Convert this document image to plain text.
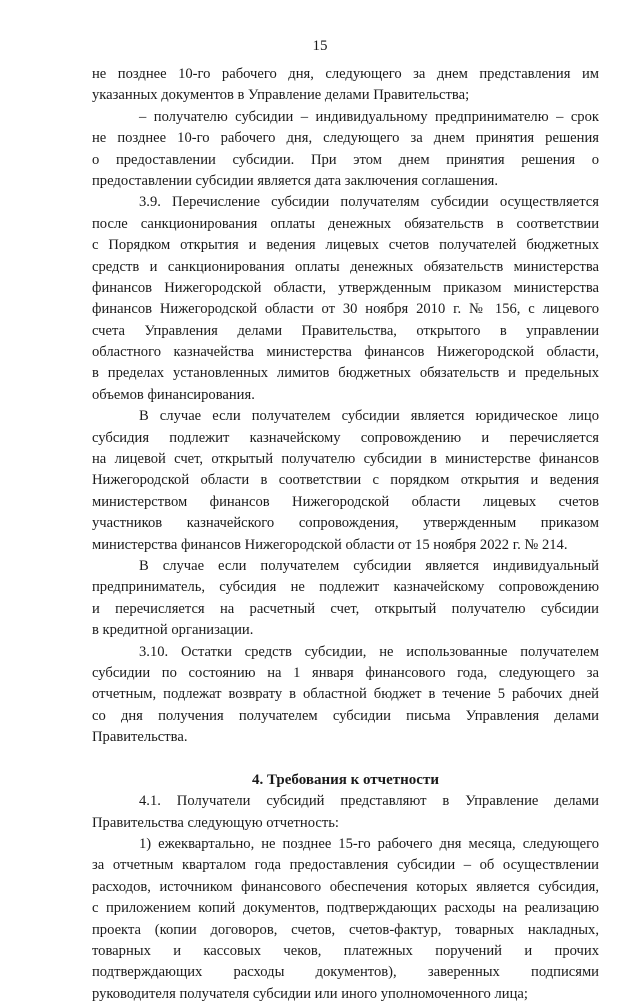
15
не позднее 10-го рабочего дня, следующего за днем представления им
указанных документов в Управление делами Правительства;
– получателю субсидии – индивидуальному предпринимателю – срок
не позднее 10-го рабочего дня, следующего за днем принятия решения
о предоставлении субсидии. При этом днем принятия решения о
предоставлении субсидии является дата заключения соглашения.
3.9. Перечисление субсидии получателям субсидии осуществляется
после санкционирования оплаты денежных обязательств в соответствии
с Порядком открытия и ведения лицевых счетов получателей бюджетных
средств и санкционирования оплаты денежных обязательств министерства
финансов Нижегородской области, утвержденным приказом министерства
финансов Нижегородской области от 30 ноября 2010 г. № 156, с лицевого
счета Управления делами Правительства, открытого в управлении
областного казначейства министерства финансов Нижегородской области,
в пределах установленных лимитов бюджетных обязательств и предельных
объемов финансирования.
В случае если получателем субсидии является юридическое лицо
субсидия подлежит казначейскому сопровождению и перечисляется
на лицевой счет, открытый получателю субсидии в министерстве финансов
Нижегородской области в соответствии с порядком открытия и ведения
министерством финансов Нижегородской области лицевых счетов
участников казначейского сопровождения, утвержденным приказом
министерства финансов Нижегородской области от 15 ноября 2022 г. № 214.
В случае если получателем субсидии является индивидуальный
предприниматель, субсидия не подлежит казначейскому сопровождению
и перечисляется на расчетный счет, открытый получателю субсидии
в кредитной организации.
3.10. Остатки средств субсидии, не использованные получателем
субсидии по состоянию на 1 января финансового года, следующего за
отчетным, подлежат возврату в областной бюджет в течение 5 рабочих дней
со дня получения получателем субсидии письма Управления делами
Правительства.
4. Требования к отчетности
4.1. Получатели субсидий представляют в Управление делами
Правительства следующую отчетность:
1) ежеквартально, не позднее 15-го рабочего дня месяца, следующего
за отчетным кварталом года предоставления субсидии – об осуществлении
расходов, источником финансового обеспечения которых является субсидия,
с приложением копий документов, подтверждающих расходы на реализацию
проекта (копии договоров, счетов, счетов-фактур, товарных накладных,
товарных и кассовых чеков, платежных поручений и прочих
подтверждающих расходы документов), заверенных подписями
руководителя получателя субсидии или иного уполномоченного лица;
